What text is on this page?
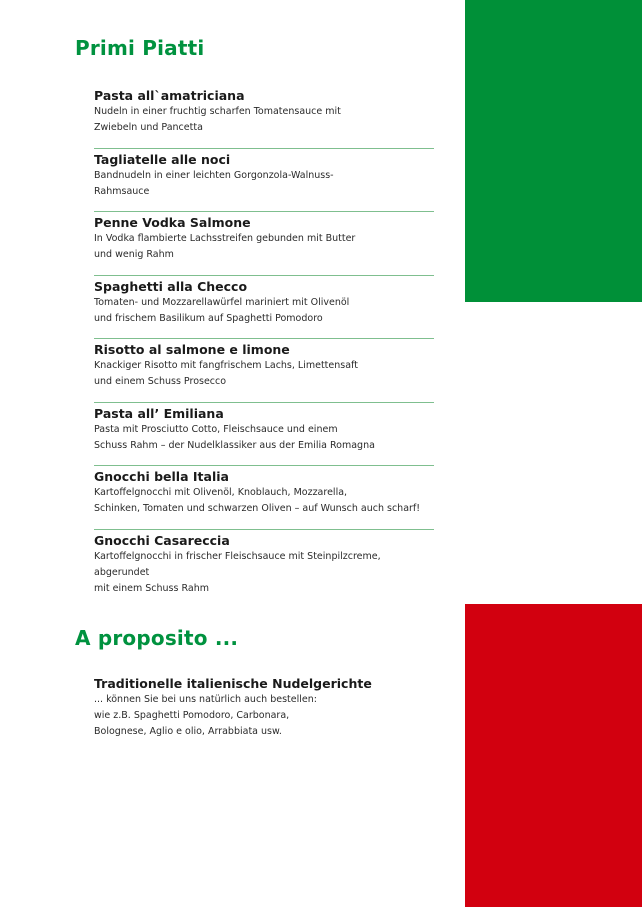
Primi Piatti
Pasta all`amatriciana
Nudeln in einer fruchtig scharfen Tomatensauce mit
Zwiebeln und Pancetta
Tagliatelle alle noci
Bandnudeln in einer leichten Gorgonzola-Walnuss-
Rahmsauce
Penne Vodka Salmone
In Vodka flambierte Lachsstreifen gebunden mit Butter
und wenig Rahm
Spaghetti alla Checco
Tomaten- und Mozzarellawürfel mariniert mit Olivenöl
und frischem Basilikum auf Spaghetti Pomodoro
Risotto al salmone e limone
Knackiger Risotto mit fangfrischem Lachs, Limettensaft
und einem Schuss Prosecco
Pasta all’ Emiliana
Pasta mit Prosciutto Cotto, Fleischsauce und einem
Schuss Rahm – der Nudelklassiker aus der Emilia Romagna
Gnocchi bella Italia
Kartoffelgnocchi mit Olivenöl, Knoblauch, Mozzarella,
Schinken, Tomaten und schwarzen Oliven – auf Wunsch auch scharf!
Gnocchi Casareccia
Kartoffelgnocchi in frischer Fleischsauce mit Steinpilzcreme, abgerundet
mit einem Schuss Rahm
A proposito ...
Traditionelle italienische Nudelgerichte
... können Sie bei uns natürlich auch bestellen:
wie z.B. Spaghetti Pomodoro, Carbonara,
Bolognese, Aglio e olio, Arrabbiata usw.
